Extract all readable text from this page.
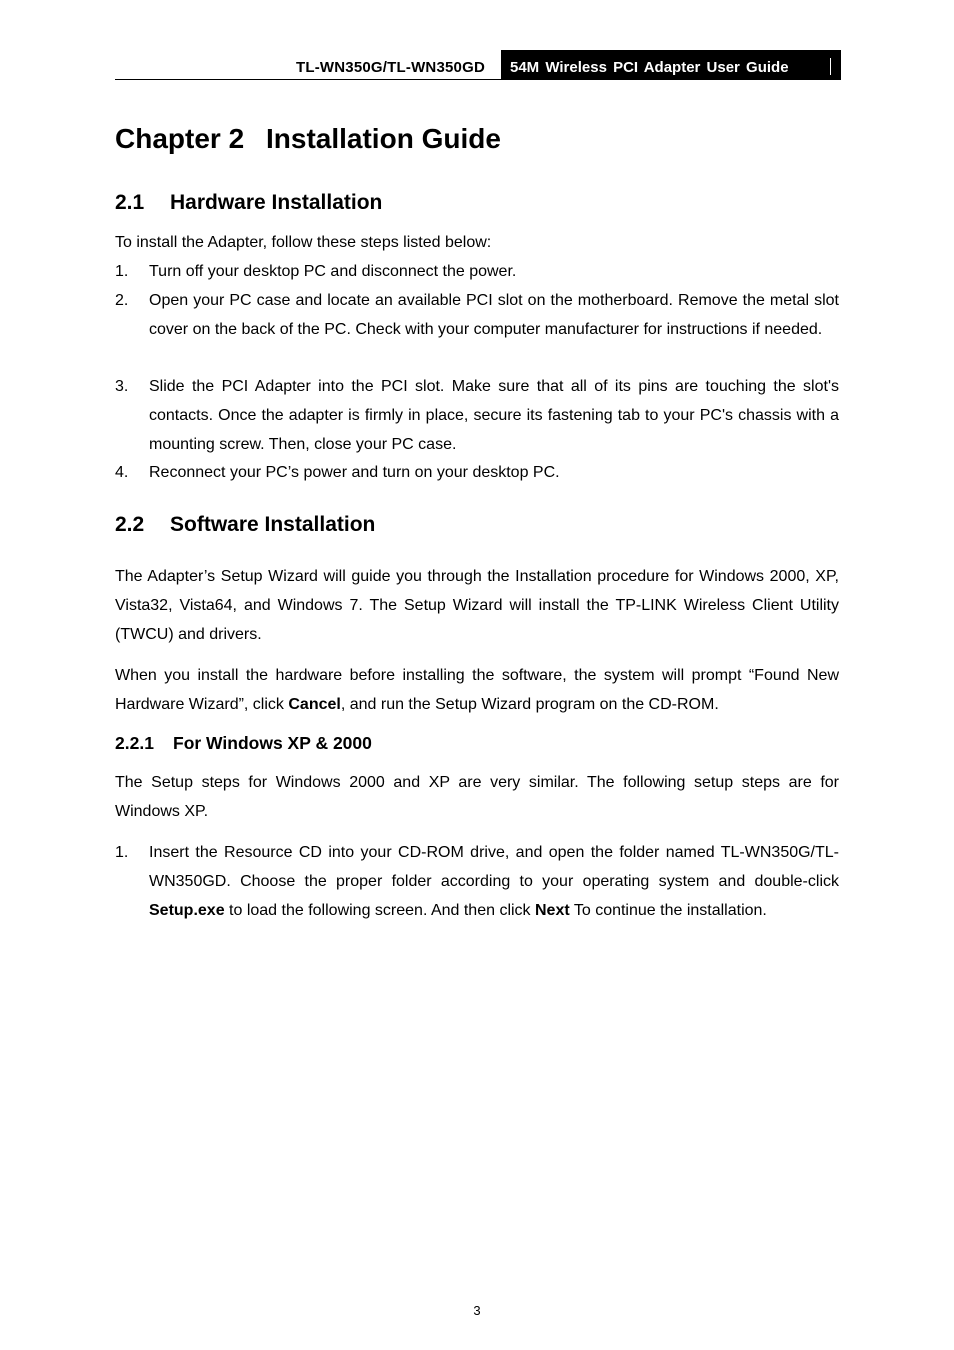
TL-WN350G/TL-WN350GD	54M Wireless PCI Adapter User Guide
Chapter 2 Installation Guide
2.1 Hardware Installation
To install the Adapter, follow these steps listed below:
1. Turn off your desktop PC and disconnect the power.
2. Open your PC case and locate an available PCI slot on the motherboard. Remove the metal slot cover on the back of the PC. Check with your computer manufacturer for instructions if needed.
3. Slide the PCI Adapter into the PCI slot. Make sure that all of its pins are touching the slot's contacts. Once the adapter is firmly in place, secure its fastening tab to your PC's chassis with a mounting screw. Then, close your PC case.
4. Reconnect your PC’s power and turn on your desktop PC.
2.2 Software Installation
The Adapter’s Setup Wizard will guide you through the Installation procedure for Windows 2000, XP, Vista32, Vista64, and Windows 7. The Setup Wizard will install the TP-LINK Wireless Client Utility (TWCU) and drivers.
When you install the hardware before installing the software, the system will prompt “Found New Hardware Wizard”, click Cancel, and run the Setup Wizard program on the CD-ROM.
2.2.1 For Windows XP & 2000
The Setup steps for Windows 2000 and XP are very similar. The following setup steps are for Windows XP.
1. Insert the Resource CD into your CD-ROM drive, and open the folder named TL-WN350G/TL-WN350GD. Choose the proper folder according to your operating system and double-click Setup.exe to load the following screen. And then click Next To continue the installation.
3
